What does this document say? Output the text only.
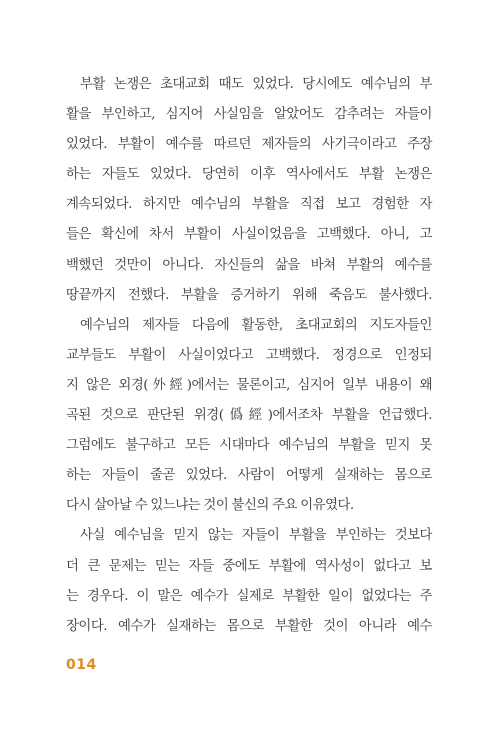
부활 논쟁은 초대교회 때도 있었다. 당시에도 예수님의 부
활을 부인하고, 심지어 사실임을 알았어도 감추려는 자들이
있었다. 부활이 예수를 따르던 제자들의 사기극이라고 주장
하는 자들도 있었다. 당연히 이후 역사에서도 부활 논쟁은
계속되었다. 하지만 예수님의 부활을 직접 보고 경험한 자
들은 확신에 차서 부활이 사실이었음을 고백했다. 아니, 고
백했던 것만이 아니다. 자신들의 삶을 바쳐 부활의 예수를
땅끝까지 전했다. 부활을 증거하기 위해 죽음도 불사했다.
예수님의 제자들 다음에 활동한, 초대교회의 지도자들인
교부들도 부활이 사실이었다고 고백했다. 정경으로 인정되
지 않은 외경(外經)에서는 물론이고, 심지어 일부 내용이 왜
곡된 것으로 판단된 위경(僞經)에서조차 부활을 언급했다.
그럼에도 불구하고 모든 시대마다 예수님의 부활을 믿지 못
하는 자들이 줄곧 있었다. 사람이 어떻게 실재하는 몸으로
다시 살아날 수 있느냐는 것이 불신의 주요 이유였다.
사실 예수님을 믿지 않는 자들이 부활을 부인하는 것보다
더 큰 문제는 믿는 자들 중에도 부활에 역사성이 없다고 보
는 경우다. 이 말은 예수가 실제로 부활한 일이 없었다는 주
장이다. 예수가 실재하는 몸으로 부활한 것이 아니라 예수
014
